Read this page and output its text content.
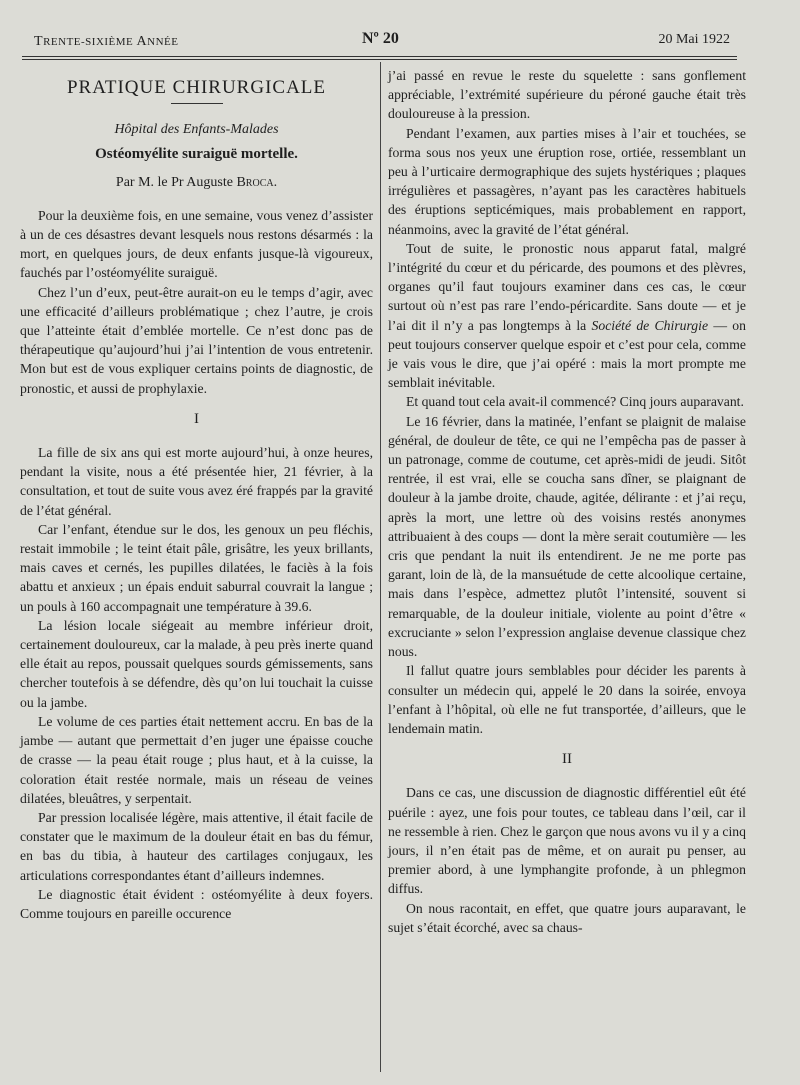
TRENTE-SIXIÈME ANNÉE	Nº 20	20 Mai 1922
PRATIQUE CHIRURGICALE
Hôpital des Enfants-Malades
Ostéomyélite suraiguë mortelle.
Par M. le Pr Auguste Broca.

Pour la deuxième fois, en une semaine, vous venez d’assister à un de ces désastres devant lesquels nous restons désarmés : la mort, en quelques jours, de deux enfants jusque-là vigoureux, fauchés par l’ostéomyélite suraiguë.

Chez l’un d’eux, peut-être aurait-on eu le temps d’agir, avec une efficacité d’ailleurs problématique ; chez l’autre, je crois que l’atteinte était d’emblée mortelle. Ce n’est donc pas de thérapeutique qu’aujourd’hui j’ai l’intention de vous entretenir. Mon but est de vous expliquer certains points de diagnostic, de pronostic, et aussi de prophylaxie.

I

La fille de six ans qui est morte aujourd’hui, à onze heures, pendant la visite, nous a été présentée hier, 21 février, à la consultation, et tout de suite vous avez éré frappés par la gravité de l’état général.

Car l’enfant, étendue sur le dos, les genoux un peu fléchis, restait immobile ; le teint était pâle, grisâtre, les yeux brillants, mais caves et cernés, les pupilles dilatées, le faciès à la fois abattu et anxieux ; un épais enduit saburral couvrait la langue ; un pouls à 160 accompagnait une température à 39.6.

La lésion locale siégeait au membre inférieur droit, certainement douloureux, car la malade, à peu près inerte quand elle était au repos, poussait quelques sourds gémissements, sans chercher toutefois à se défendre, dès qu’on lui touchait la cuisse ou la jambe.

Le volume de ces parties était nettement accru. En bas de la jambe — autant que permettait d’en juger une épaisse couche de crasse — la peau était rouge ; plus haut, et à la cuisse, la coloration était restée normale, mais un réseau de veines dilatées, bleuâtres, y serpentait.

Par pression localisée légère, mais attentive, il était facile de constater que le maximum de la douleur était en bas du fémur, en bas du tibia, à hauteur des cartilages conjugaux, les articulations correspondantes étant d’ailleurs indemnes.

Le diagnostic était évident : ostéomyélite à deux foyers. Comme toujours en pareille occurence

j’ai passé en revue le reste du squelette : sans gonflement appréciable, l’extrémité supérieure du péroné gauche était très douloureuse à la pression.

Pendant l’examen, aux parties mises à l’air et touchées, se forma sous nos yeux une éruption rose, ortiée, ressemblant un peu à l’urticaire dermographique des sujets hystériques ; plaques irrégulières et passagères, n’ayant pas les caractères habituels des éruptions septicémiques, mais probablement en rapport, néanmoins, avec la gravité de l’état général.

Tout de suite, le pronostic nous apparut fatal, malgré l’intégrité du cœur et du péricarde, des poumons et des plèvres, organes qu’il faut toujours examiner dans ces cas, le cœur surtout où n’est pas rare l’endo-péricardite. Sans doute — et je l’ai dit il n’y a pas longtemps à la Société de Chirurgie — on peut toujours conserver quelque espoir et c’est pour cela, comme je vais vous le dire, que j’ai opéré : mais la mort prompte me semblait inévitable.

Et quand tout cela avait-il commencé? Cinq jours auparavant.

Le 16 février, dans la matinée, l’enfant se plaignit de malaise général, de douleur de tête, ce qui ne l’empêcha pas de passer à un patronage, comme de coutume, cet après-midi de jeudi. Sitôt rentrée, il est vrai, elle se coucha sans dîner, se plaignant de douleur à la jambe droite, chaude, agitée, délirante : et j’ai reçu, après la mort, une lettre où des voisins restés anonymes attribuaient à des coups — dont la mère serait coutumière — les cris que pendant la nuit ils entendirent. Je ne me porte pas garant, loin de là, de la mansuétude de cette alcoolique certaine, mais dans l’espèce, admettez plutôt l’intensité, souvent si remarquable, de la douleur initiale, violente au point d’être « excruciante » selon l’expression anglaise devenue classique chez nous.

Il fallut quatre jours semblables pour décider les parents à consulter un médecin qui, appelé le 20 dans la soirée, envoya l’enfant à l’hôpital, où elle ne fut transportée, d’ailleurs, que le lendemain matin.

II

Dans ce cas, une discussion de diagnostic différentiel eût été puérile : ayez, une fois pour toutes, ce tableau dans l’œil, car il ne ressemble à rien. Chez le garçon que nous avons vu il y a cinq jours, il n’en était pas de même, et on aurait pu penser, au premier abord, à une lymphangite profonde, à un phlegmon diffus.

On nous racontait, en effet, que quatre jours auparavant, le sujet s’était écorché, avec sa chaus-
